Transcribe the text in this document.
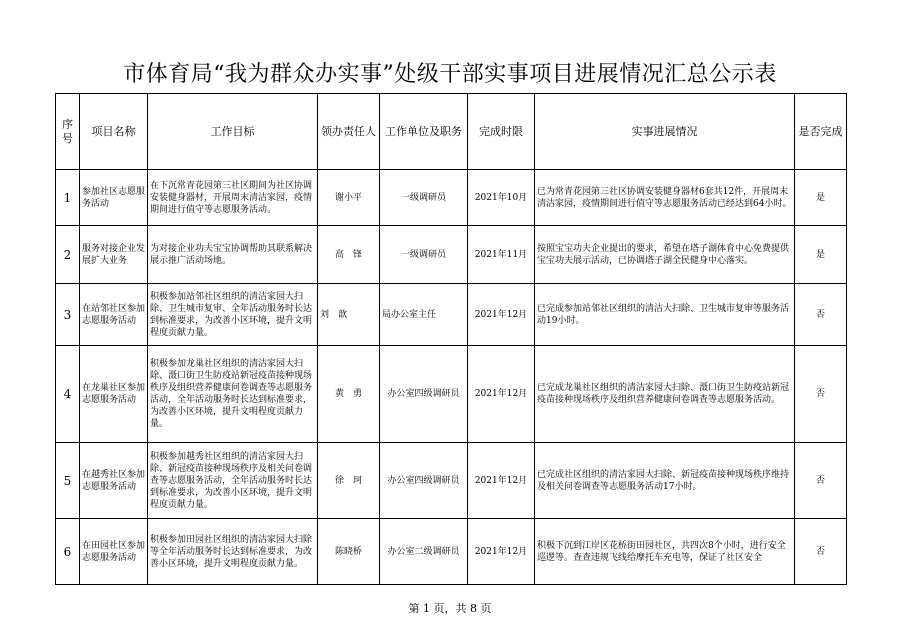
市体育局“我为群众办实事”处级干部实事项目进展情况汇总公示表
序号	项目名称	工作目标	领办责任人	工作单位及职务	完成时限	实事进展情况	是否完成
1	参加社区志愿服务活动	在下沉常青花园第三社区期间为社区协调安装健身器材，开展周末清洁家园，疫情期间进行值守等志愿服务活动。	谢小平	一级调研员	2021年10月	已为常青花园第三社区协调安装健身器材6套共12件，开展周末清洁家园，疫情期间进行值守等志愿服务活动已经达到64小时。	是
2	服务对接企业发展扩大业务	为对接企业功夫宝宝协调帮助其联系解决展示推广活动场地。	高　锋	一级调研员	2021年11月	按照宝宝功夫企业提出的要求，希望在塔子湖体育中心免费提供宝宝功夫展示活动，已协调塔子湖全民健身中心落实。	是
3	在站邻社区参加志愿服务活动	积极参加站邻社区组织的清洁家园大扫除、卫生城市复审、全年活动服务时长达到标准要求，为改善小区环境，提升文明程度贡献力量。	刘　歆	局办公室主任	2021年12月	已完成参加站邻社区组织的清洁大扫除、卫生城市复审等服务活动19小时。	否
4	在龙巢社区参加志愿服务活动	积极参加龙巢社区组织的清洁家园大扫除、滠口街卫生防疫站新冠疫苗接种现场秩序及组织营养健康问卷调查等志愿服务活动，全年活动服务时长达到标准要求，为改善小区环境，提升文明程度贡献力量。	黄　勇	办公室四级调研员	2021年12月	已完成龙巢社区组织的清洁家园大扫除、滠口街卫生防疫站新冠疫苗接种现场秩序及组织营养健康问卷调查等志愿服务活动。	否
5	在越秀社区参加志愿服务活动	积极参加越秀社区组织的清洁家园大扫除、新冠疫苗接种现场秩序及相关问卷调查等志愿服务活动，全年活动服务时长达到标准要求，为改善小区环境，提升文明程度贡献力量。	徐　珂	办公室四级调研员	2021年12月	已完成社区组织的清洁家园大扫除、新冠疫苗接种现场秩序维持及相关问卷调查等志愿服务活动17小时。	否
6	在田园社区参加志愿服务活动	积极参加田园社区组织的清洁家园大扫除等全年活动服务时长达到标准要求，为改善小区环境，提升文明程度贡献力量。	陈晓桥	办公室二级调研员	2021年12月	积极下沉到江岸区花桥街田园社区，共四次8个小时，进行安全巡逻等。查查违规飞线给摩托车充电等，保证了社区安全	否
第 1 页，共 8 页
